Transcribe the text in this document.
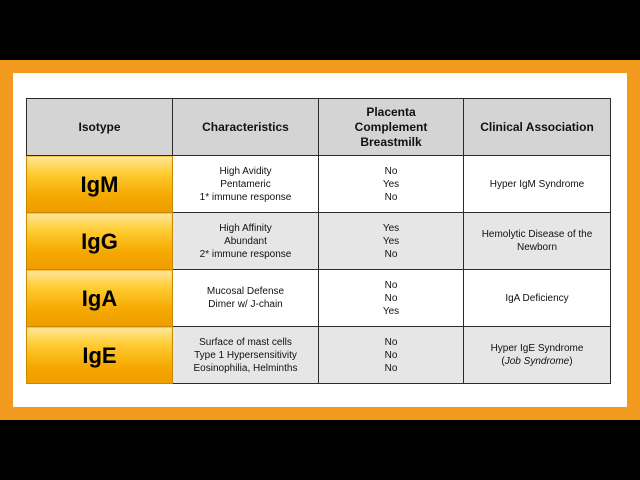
Isotype	Characteristics	Placenta
Complement
Breastmilk	Clinical Association
IgM	High Avidity
Pentameric
1* immune response	No
Yes
No	Hyper IgM Syndrome

IgG	High Affinity
Abundant
2* immune response	Yes
Yes
No	Hemolytic Disease of the Newborn

IgA	Mucosal Defense
Dimer w/ J-chain	No
No
Yes	IgA Deficiency

IgE	Surface of mast cells
Type 1 Hypersensitivity
Eosinophilia, Helminths	No
No
No	Hyper IgE Syndrome
(Job Syndrome)
